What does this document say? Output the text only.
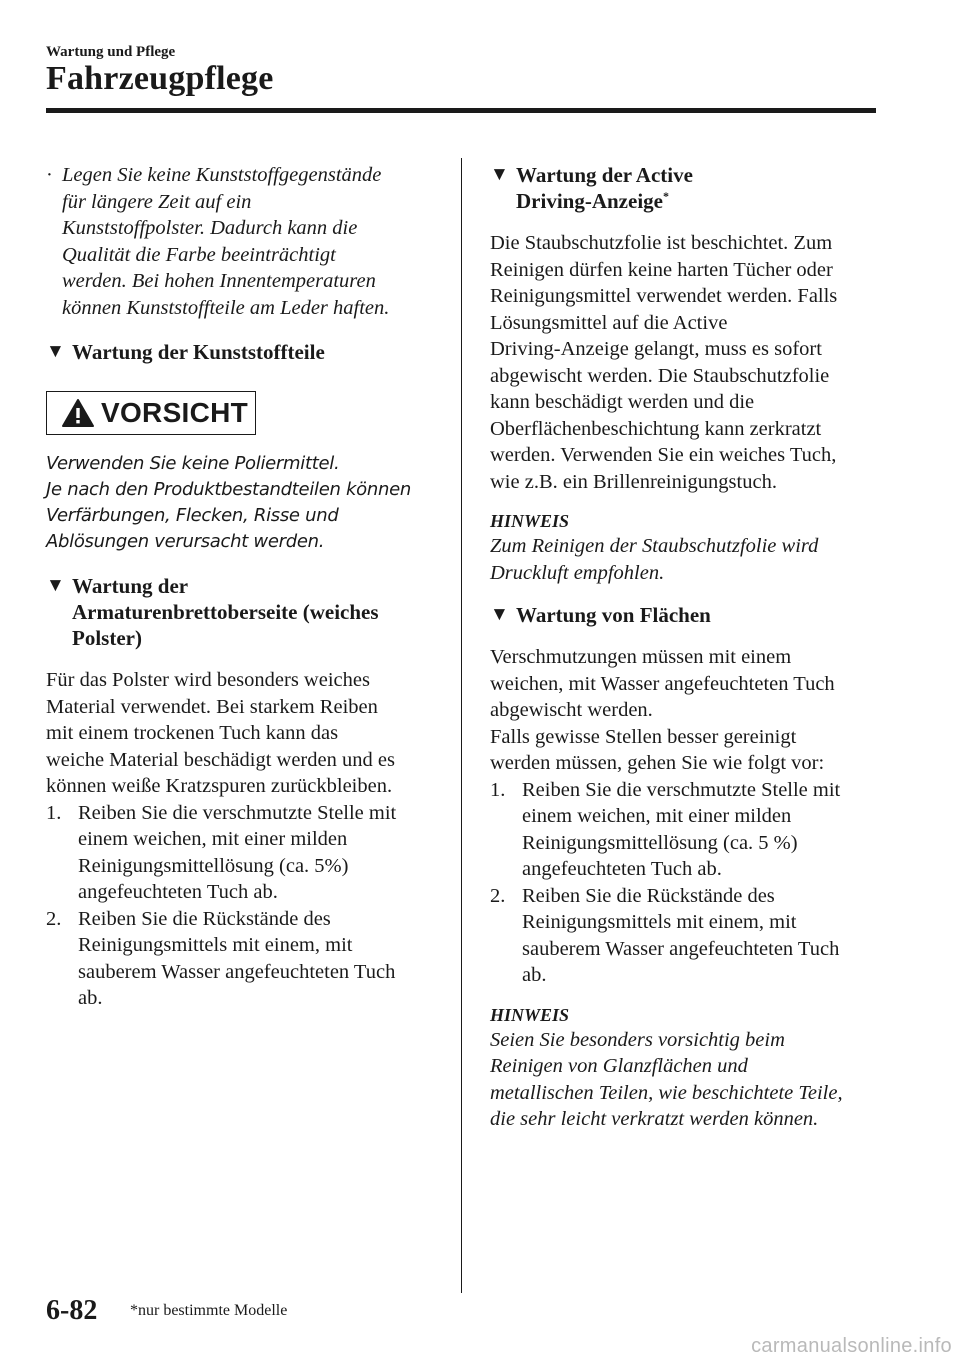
Wartung und Pflege
Fahrzeugpflege
· Legen Sie keine Kunststoffgegenstände
für längere Zeit auf ein
Kunststoffpolster. Dadurch kann die
Qualität die Farbe beeinträchtigt
werden. Bei hohen Innentemperaturen
können Kunststoffteile am Leder haften.
▼ Wartung der Kunststoffteile
VORSICHT

Verwenden Sie keine Poliermittel.

Je nach den Produktbestandteilen können

Verfärbungen, Flecken, Risse und

Ablösungen verursacht werden.

▼ Wartung der
Armaturenbrettoberseite (weiches
Polster)

Für das Polster wird besonders weiches

Material verwendet. Bei starkem Reiben

mit einem trockenen Tuch kann das

weiche Material beschädigt werden und es

können weiße Kratzspuren zurückbleiben.

1. Reiben Sie die verschmutzte Stelle mit
einem weichen, mit einer milden
Reinigungsmittellösung (ca. 5%)
angefeuchteten Tuch ab.
2. Reiben Sie die Rückstände des
Reinigungsmittels mit einem, mit
sauberem Wasser angefeuchteten Tuch
ab.
▼ Wartung der Active
Driving-Anzeige*

Die Staubschutzfolie ist beschichtet. Zum

Reinigen dürfen keine harten Tücher oder

Reinigungsmittel verwendet werden. Falls

Lösungsmittel auf die Active

Driving-Anzeige gelangt, muss es sofort

abgewischt werden. Die Staubschutzfolie

kann beschädigt werden und die

Oberflächenbeschichtung kann zerkratzt

werden. Verwenden Sie ein weiches Tuch,

wie z.B. ein Brillenreinigungstuch.

HINWEIS

Zum Reinigen der Staubschutzfolie wird

Druckluft empfohlen.

▼ Wartung von Flächen

Verschmutzungen müssen mit einem

weichen, mit Wasser angefeuchteten Tuch

abgewischt werden.

Falls gewisse Stellen besser gereinigt

werden müssen, gehen Sie wie folgt vor:

1. Reiben Sie die verschmutzte Stelle mit
einem weichen, mit einer milden
Reinigungsmittellösung (ca. 5 %)
angefeuchteten Tuch ab.
2. Reiben Sie die Rückstände des
Reinigungsmittels mit einem, mit
sauberem Wasser angefeuchteten Tuch
ab.

HINWEIS

Seien Sie besonders vorsichtig beim

Reinigen von Glanzflächen und

metallischen Teilen, wie beschichtete Teile,

die sehr leicht verkratzt werden können.

6-82 *nur bestimmte Modelle
carmanualsonline.info
